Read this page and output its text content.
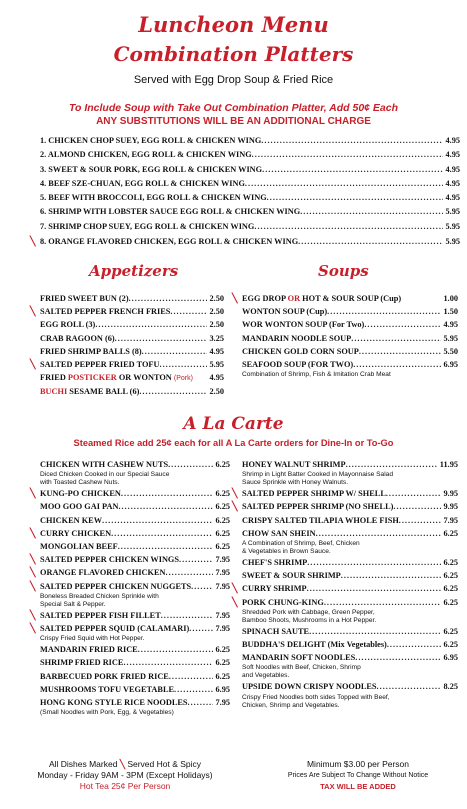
Luncheon Menu
Combination Platters
Served with Egg Drop Soup & Fried Rice
To Include Soup with Take Out Combination Platter, Add 50¢ Each
ANY SUBSTITUTIONS WILL BE AN ADDITIONAL CHARGE
1. CHICKEN CHOP SUEY, EGG ROLL & CHICKEN WING .....	4.95
2. ALMOND CHICKEN, EGG ROLL & CHICKEN WING .....	4.95
3. SWEET & SOUR PORK, EGG ROLL & CHICKEN WING .....	4.95
4. BEEF SZE-CHUAN, EGG ROLL & CHICKEN WING .....	4.95
5. BEEF WITH BROCCOLI, EGG ROLL & CHICKEN WING .....	4.95
6. SHRIMP WITH LOBSTER SAUCE EGG ROLL & CHICKEN WING .....	5.95
7. SHRIMP CHOP SUEY, EGG ROLL & CHICKEN WING .....	5.95
╲ 8. ORANGE FLAVORED CHICKEN, EGG ROLL & CHICKEN WING .....	5.95
Appetizers	Soups
FRIED SWEET BUN (2) .....	2.50
╲ SALTED PEPPER FRENCH FRIES .....	2.50
EGG ROLL (3) .....	2.50
CRAB RAGOON (6) .....	3.25
FRIED SHRIMP BALLS (8) .....	4.95
╲ SALTED PEPPER FRIED TOFU .....	5.95
FRIED POSTICKER OR WONTON (Pork) 4.95
BUCHI SESAME BALL (6) .....	2.50
╲ EGG DROP OR HOT & SOUR SOUP (Cup)	1.00
WONTON SOUP (Cup) .....	1.50
WOR WONTON SOUP (For Two) .....	4.95
MANDARIN NOODLE SOUP .....	5.95
CHICKEN GOLD CORN SOUP .....	5.50
SEAFOOD SOUP (FOR TWO) .....	6.95
Combination of Shrimp, Fish & Imitation Crab Meat
A La Carte
Steamed Rice add 25¢ each for all A La Carte orders for Dine-In or To-Go
CHICKEN WITH CASHEW NUTS .....	6.25
Diced Chicken Cooked in our Special Sauce
with Toasted Cashew Nuts.
╲ KUNG-PO CHICKEN .....	6.25
MOO GOO GAI PAN .....	6.25
CHICKEN KEW .....	6.25
╲ CURRY CHICKEN .....	6.25
MONGOLIAN BEEF .....	6.25
╲ SALTED PEPPER CHICKEN WINGS .....	7.95
╲ ORANGE FLAVORED CHICKEN .....	7.95
╲ SALTED PEPPER CHICKEN NUGGETS .....	7.95
Boneless Breaded Chicken Sprinkle with
Special Salt & Pepper.
╲ SALTED PEPPER FISH FILLET .....	7.95
╲ SALTED PEPPER SQUID (CALAMARI) .....	7.95
Crispy Fried Squid with Hot Pepper.
MANDARIN FRIED RICE .....	6.25
SHRIMP FRIED RICE .....	6.25
BARBECUED PORK FRIED RICE .....	6.25
MUSHROOMS TOFU VEGETABLE .....	6.95
HONG KONG STYLE RICE NOODLES .....	7.95
(Small Noodles with Pork, Egg, & Vegetables)
HONEY WALNUT SHRIMP .....	11.95
Shrimp in Light Batter Cooked in Mayonnaise Salad
Sauce Sprinkle with Honey Walnuts.
╲ SALTED PEPPER SHRIMP W/ SHELL .....	9.95
╲ SALTED PEPPER SHRIMP (NO SHELL) .....	9.95
CRISPY SALTED TILAPIA WHOLE FISH .....	7.95
CHOW SAN SHEIN .....	6.25
A Combination of Shrimp, Beef, Chicken
& Vegetables in Brown Sauce.
CHEF'S SHRIMP .....	6.25
SWEET & SOUR SHRIMP .....	6.25
╲ CURRY SHRIMP .....	6.25
╲ PORK CHUNG-KING .....	6.25
Shredded Pork with Cabbage, Green Pepper,
Bamboo Shoots, Mushrooms in a Hot Pepper.
SPINACH SAUTE .....	6.25
BUDDHA'S DELIGHT (Mix Vegetables) .....	6.25
MANDARIN SOFT NOODLES .....	6.95
Soft Noodles with Beef, Chicken, Shrimp
and Vegetables.
UPSIDE DOWN CRISPY NOODLES .....	8.25
Crispy Fried Noodles both sides Topped with Beef,
Chicken, Shrimp and Vegetables.
All Dishes Marked ╲ Served Hot & Spicy
Monday - Friday 9AM - 3PM (Except Holidays)
Hot Tea 25¢ Per Person
Minimum $3.00 per Person
Prices Are Subject To Change Without Notice
TAX WILL BE ADDED
